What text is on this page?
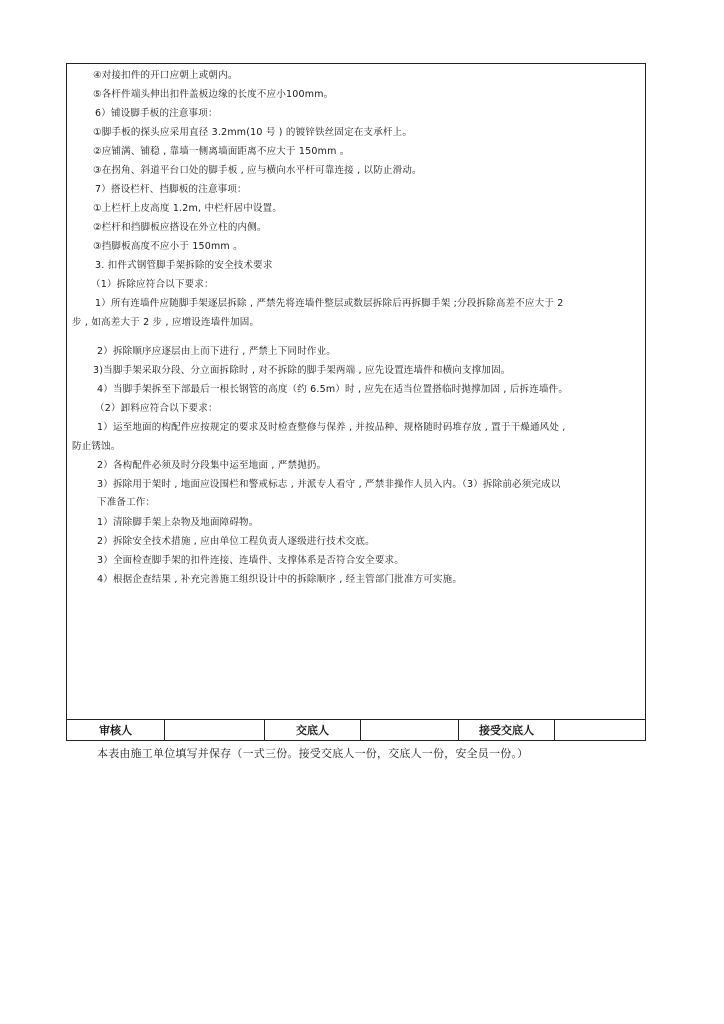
④对接扣件的开口应朝上或朝内。
⑤各杆件端头伸出扣件盖板边缘的长度不应小100mm。
6）铺设脚手板的注意事项：
①脚手板的探头应采用直径 3.2mm(10 号 ) 的镀锌铁丝固定在支承杆上。
②应铺满、铺稳 , 靠墙一侧离墙面距离不应大于 150mm 。
③在拐角、斜道平台口处的脚手板 , 应与横向水平杆可靠连接 , 以防止滑动。
7）搭设栏杆、挡脚板的注意事项：
①上栏杆上皮高度 1.2m, 中栏杆居中设置。
②栏杆和挡脚板应搭设在外立柱的内侧。
③挡脚板高度不应小于 150mm 。
3. 扣件式钢管脚手架拆除的安全技术要求
（1）拆除应符合以下要求：
1）所有连墙件应随脚手架逐层拆除 , 严禁先将连墙件整层或数层拆除后再拆脚手架 ;分段拆除高差不应大于 2
步 , 如高差大于 2 步 , 应增设连墙件加固。
2）拆除顺序应逐层由上而下进行 , 严禁上下同时作业。
3)当脚手架采取分段、分立面拆除时 , 对不拆除的脚手架两端 , 应先设置连墙件和横向支撑加固。
4）当脚手架拆至下部最后一根长钢管的高度（约 6.5m）时 , 应先在适当位置搭临时抛撑加固 , 后拆连墙件。
（2）卸料应符合以下要求：
1）运至地面的构配件应按规定的要求及时检查整修与保养 , 并按品种、规格随时码堆存放 , 置于干燥通风处 ,
防止锈蚀。
2）各构配件必须及时分段集中运至地面 , 严禁抛扔。
3）拆除用于架时 , 地面应设围栏和警戒标志 , 并派专人看守 , 严禁非操作人员入内。（3）拆除前必须完成以
下准备工作：
1）清除脚手架上杂物及地面障碍物。
2）拆除安全技术措施 , 应由单位工程负责人逐级进行技术交底。
3）全面检查脚手架的扣件连接、连墙件、支撑体系是否符合安全要求。
4）根据企查结果 , 补充完善施工组织设计中的拆除顺序 , 经主管部门批准方可实施。
审核人	交底人	接受交底人
本表由施工单位填写并保存（一式三份。接受交底人一份，交底人一份，安全员一份。）
